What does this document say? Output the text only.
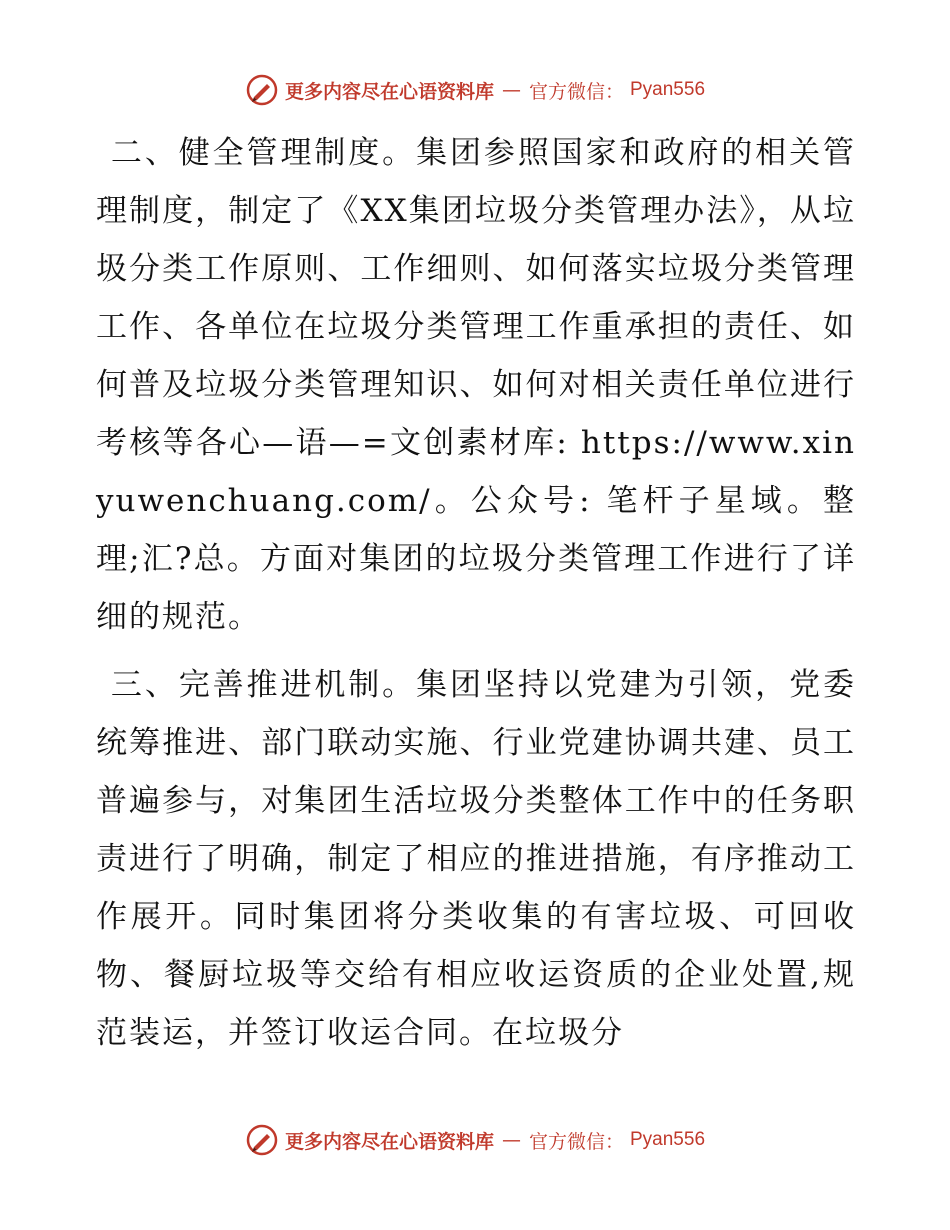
更多内容尽在心语资料库 — 官方微信： Pyan556

二、健全管理制度。集团参照国家和政府的相关管理制度，制定了《XX集团垃圾分类管理办法》，从垃圾分类工作原则、工作细则、如何落实垃圾分类管理工作、各单位在垃圾分类管理工作重承担的责任、如何普及垃圾分类管理知识、如何对相关责任单位进行考核等各心—语—=文创素材库: https://www.xinyuwenchuang.com/。公众号: 笔杆子星域。整理;汇?总。方面对集团的垃圾分类管理工作进行了详细的规范。

三、完善推进机制。集团坚持以党建为引领，党委统筹推进、部门联动实施、行业党建协调共建、员工普遍参与，对集团生活垃圾分类整体工作中的任务职责进行了明确，制定了相应的推进措施，有序推动工作展开。同时集团将分类收集的有害垃圾、可回收物、餐厨垃圾等交给有相应收运资质的企业处置,规范装运，并签订收运合同。在垃圾分

更多内容尽在心语资料库 — 官方微信： Pyan556
